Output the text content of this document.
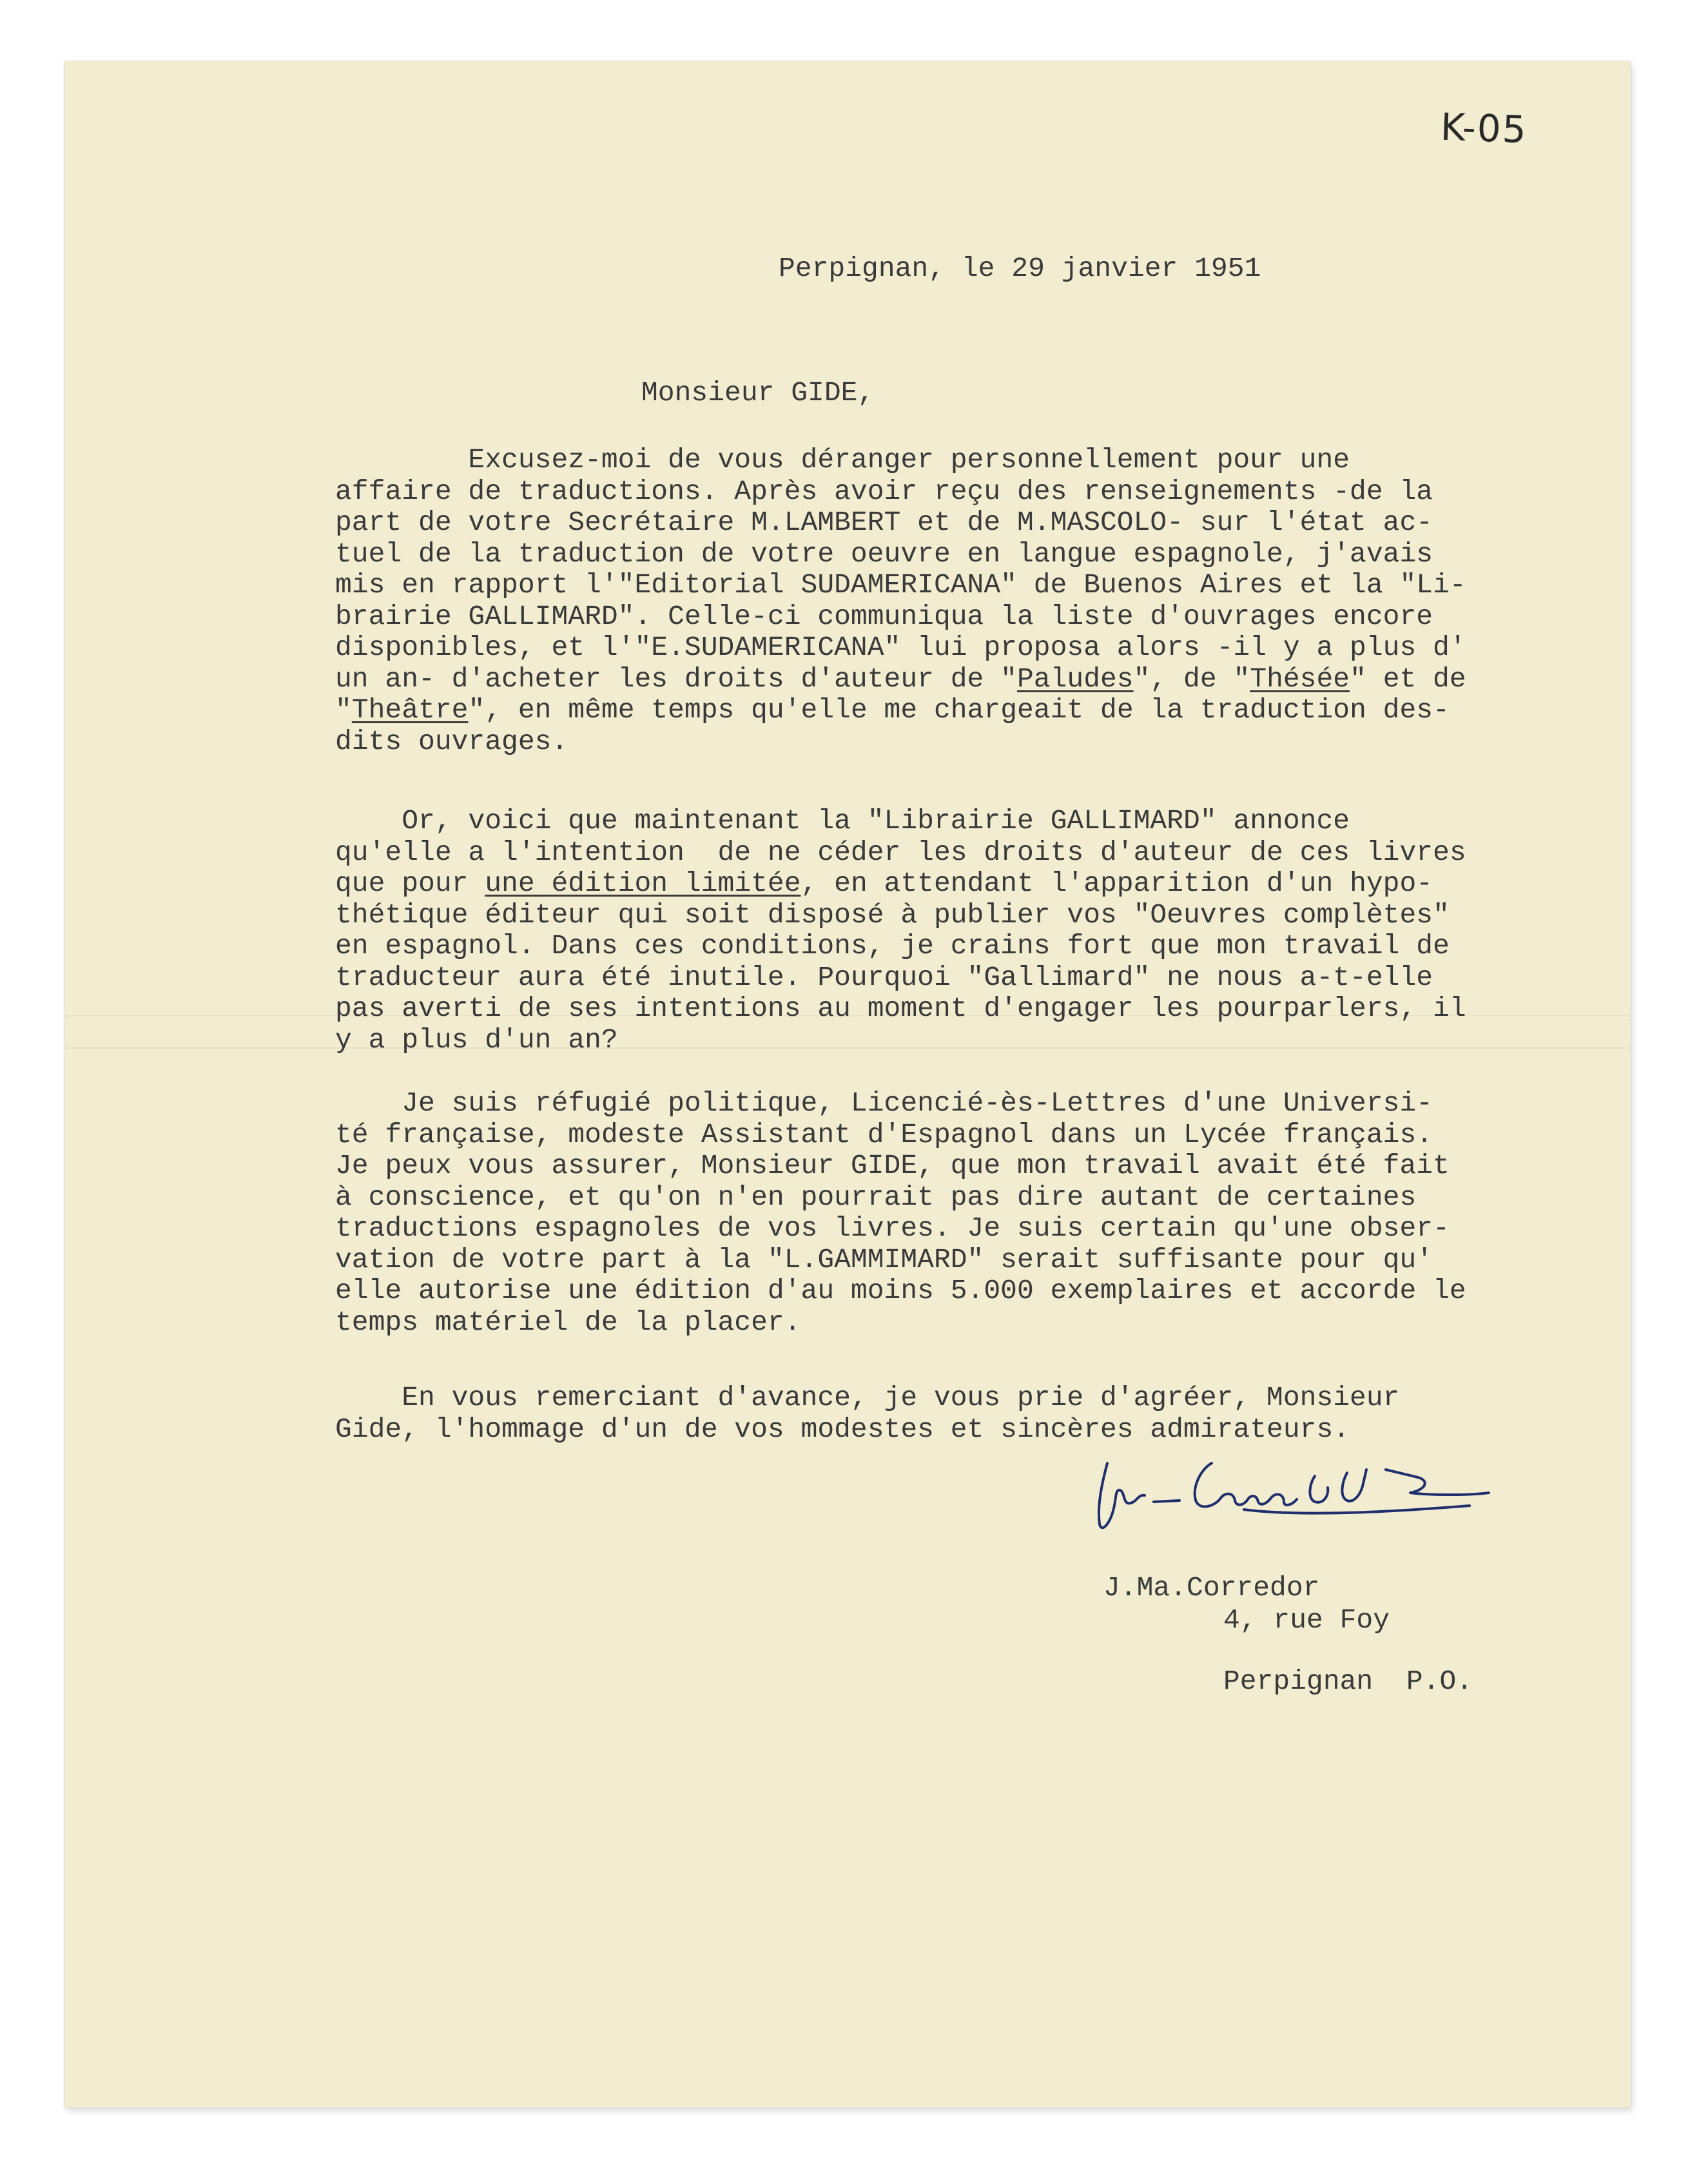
K-05

Perpignan, le 29 janvier 1951

Monsieur GIDE,

Excusez-moi de vous déranger personnellement pour une
affaire de traductions. Après avoir reçu des renseignements -de la
part de votre Secrétaire M.LAMBERT et de M.MASCOLO- sur l'état ac-
tuel de la traduction de votre oeuvre en langue espagnole, j'avais
mis en rapport l'"Editorial SUDAMERICANA" de Buenos Aires et la "Li-
brairie GALLIMARD". Celle-ci communiqua la liste d'ouvrages encore
disponibles, et l'"E.SUDAMERICANA" lui proposa alors -il y a plus d'
un an- d'acheter les droits d'auteur de "Paludes", de "Thésée" et de
"Theâtre", en même temps qu'elle me chargeait de la traduction des-
dits ouvrages.
Or, voici que maintenant la "Librairie GALLIMARD" annonce
qu'elle a l'intention  de ne céder les droits d'auteur de ces livres
que pour une édition limitée, en attendant l'apparition d'un hypo-
thétique éditeur qui soit disposé à publier vos "Oeuvres complètes"
en espagnol. Dans ces conditions, je crains fort que mon travail de
traducteur aura été inutile. Pourquoi "Gallimard" ne nous a-t-elle
pas averti de ses intentions au moment d'engager les pourparlers, il
y a plus d'un an?
Je suis réfugié politique, Licencié-ès-Lettres d'une Universi-
té française, modeste Assistant d'Espagnol dans un Lycée français.
Je peux vous assurer, Monsieur GIDE, que mon travail avait été fait
à conscience, et qu'on n'en pourrait pas dire autant de certaines
traductions espagnoles de vos livres. Je suis certain qu'une obser-
vation de votre part à la "L.GAMMIMARD" serait suffisante pour qu'
elle autorise une édition d'au moins 5.000 exemplaires et accorde le
temps matériel de la placer.
En vous remerciant d'avance, je vous prie d'agréer, Monsieur
Gide, l'hommage d'un de vos modestes et sincères admirateurs.

J.Ma.Corredor

4, rue Foy

Perpignan  P.O.
